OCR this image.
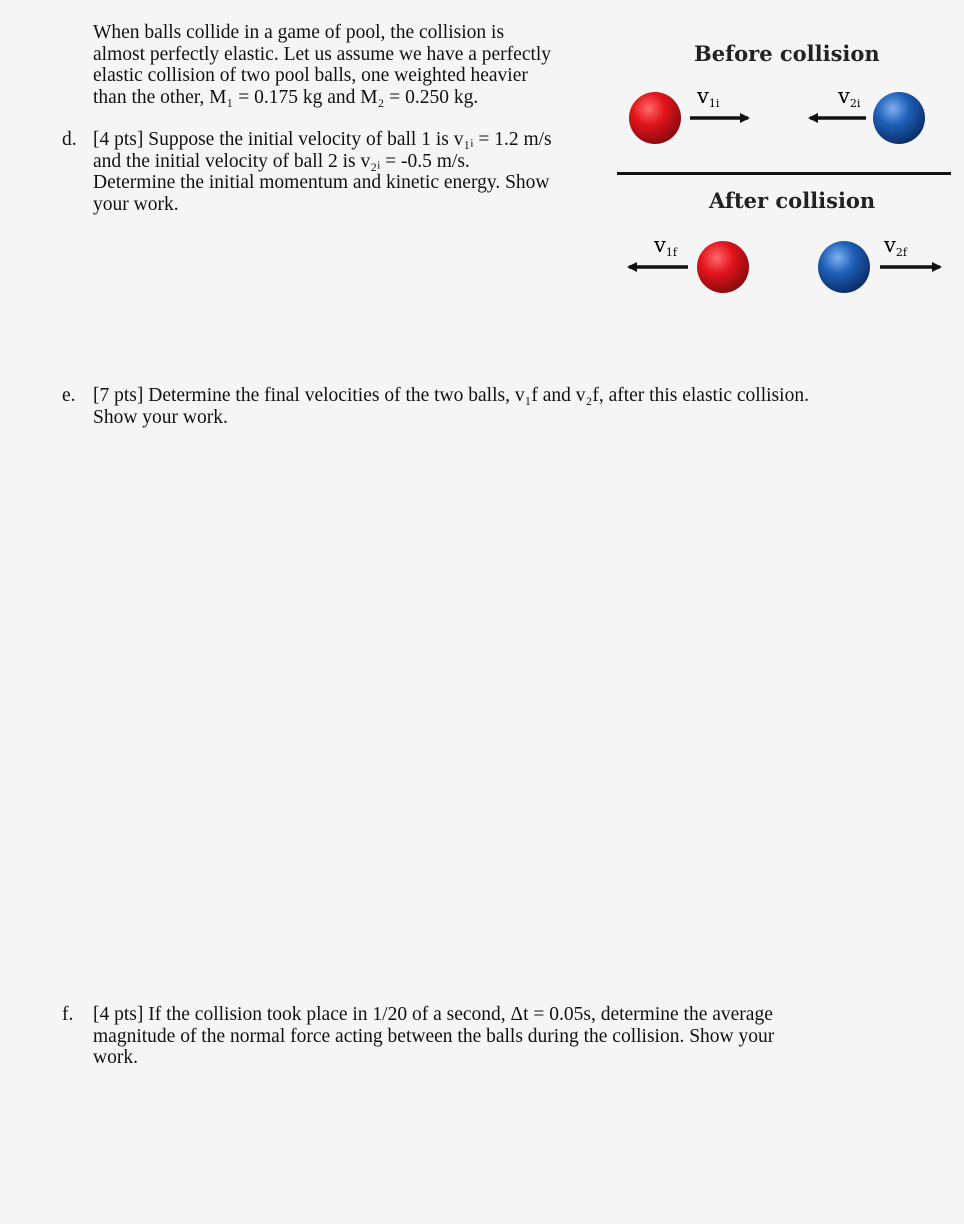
When balls collide in a game of pool, the collision is
almost perfectly elastic. Let us assume we have a perfectly
elastic collision of two pool balls, one weighted heavier
than the other, M₁ = 0.175 kg and M₂ = 0.250 kg.
d. [4 pts] Suppose the initial velocity of ball 1 is v₁ᵢ = 1.2 m/s
and the initial velocity of ball 2 is v₂ᵢ = -0.5 m/s.
Determine the initial momentum and kinetic energy. Show
your work.
Before collision
After collision
v1i	v2i
v1f	v2f
e. [7 pts] Determine the final velocities of the two balls, v₁f and v₂f, after this elastic collision.
Show your work.
f. [4 pts] If the collision took place in 1/20 of a second, Δt = 0.05s, determine the average
magnitude of the normal force acting between the balls during the collision. Show your
work.
